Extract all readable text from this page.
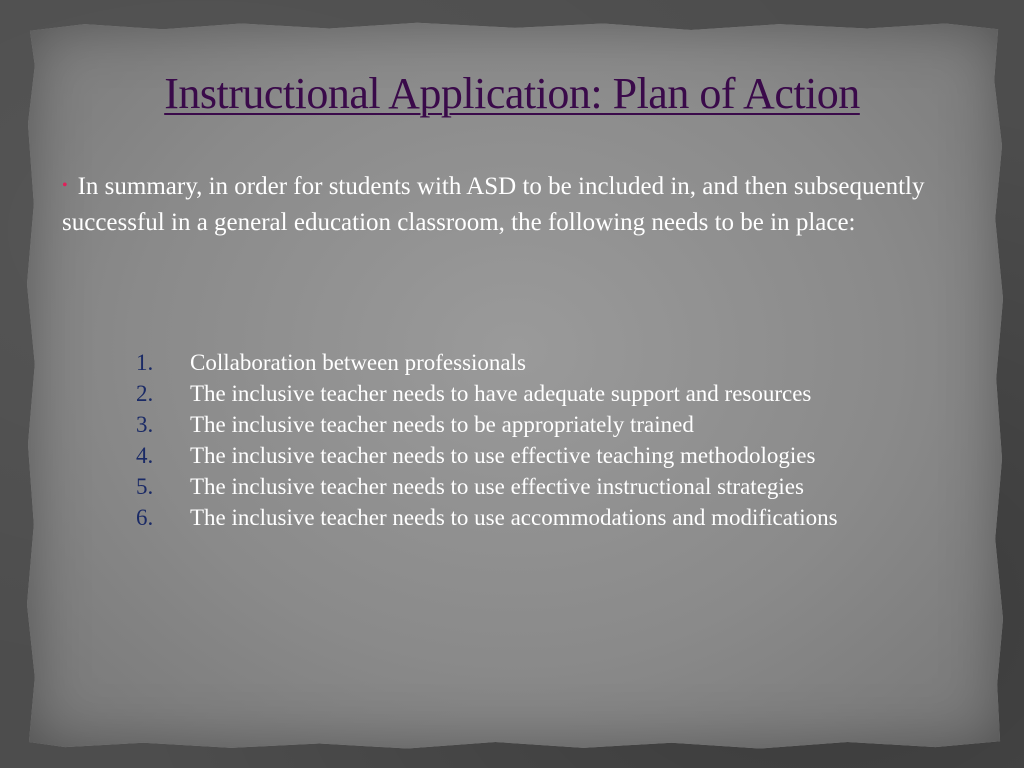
Instructional Application: Plan of Action

• In summary, in order for students with ASD to be included in, and then subsequently successful in a general education classroom, the following needs to be in place:

1. Collaboration between professionals
2. The inclusive teacher needs to have adequate support and resources
3. The inclusive teacher needs to be appropriately trained
4. The inclusive teacher needs to use effective teaching methodologies
5. The inclusive teacher needs to use effective instructional strategies
6. The inclusive teacher needs to use accommodations and modifications
